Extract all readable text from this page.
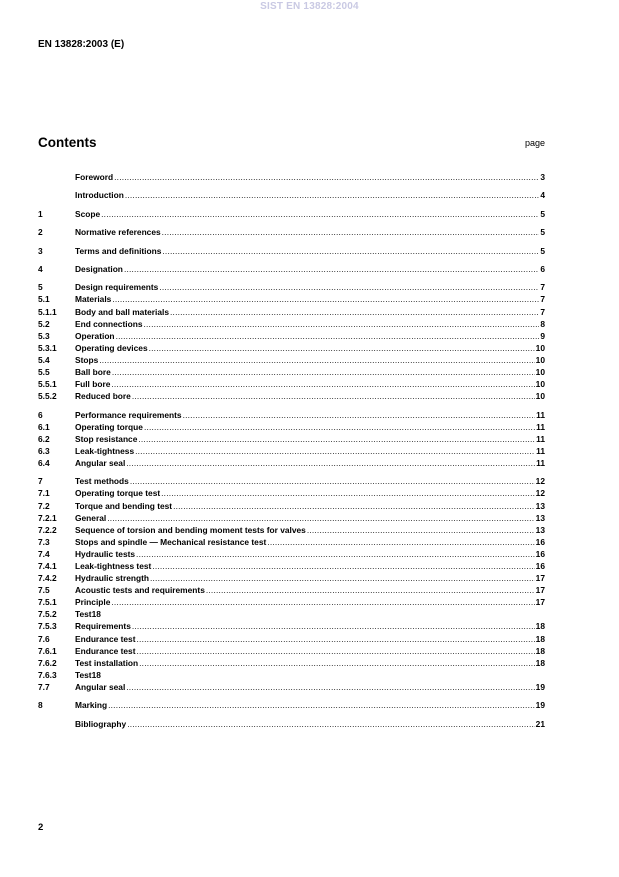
SIST EN 13828:2004
EN 13828:2003 (E)
Contents	page
Foreword .....	3
Introduction .....	4
1	Scope .....	5
2	Normative references .....	5
3	Terms and definitions .....	5
4	Designation .....	6
5	Design requirements .....	7
5.1	Materials .....	7
5.1.1	Body and ball materials .....	7
5.2	End connections .....	8
5.3	Operation .....	9
5.3.1	Operating devices .....	10
5.4	Stops .....	10
5.5	Ball bore .....	10
5.5.1	Full bore .....	10
5.5.2	Reduced bore .....	10
6	Performance requirements .....	11
6.1	Operating torque .....	11
6.2	Stop resistance .....	11
6.3	Leak-tightness .....	11
6.4	Angular seal .....	11
7	Test methods .....	12
7.1	Operating torque test .....	12
7.2	Torque and bending test .....	13
7.2.1	General .....	13
7.2.2	Sequence of torsion and bending moment tests for valves .....	13
7.3	Stops and spindle — Mechanical resistance test .....	16
7.4	Hydraulic tests .....	16
7.4.1	Leak-tightness test .....	16
7.4.2	Hydraulic strength .....	17
7.5	Acoustic tests and requirements .....	17
7.5.1	Principle .....	17
7.5.2	Test18
7.5.3	Requirements .....	18
7.6	Endurance test .....	18
7.6.1	Endurance test .....	18
7.6.2	Test installation .....	18
7.6.3	Test18
7.7	Angular seal .....	19
8	Marking .....	19
Bibliography .....	21
2
